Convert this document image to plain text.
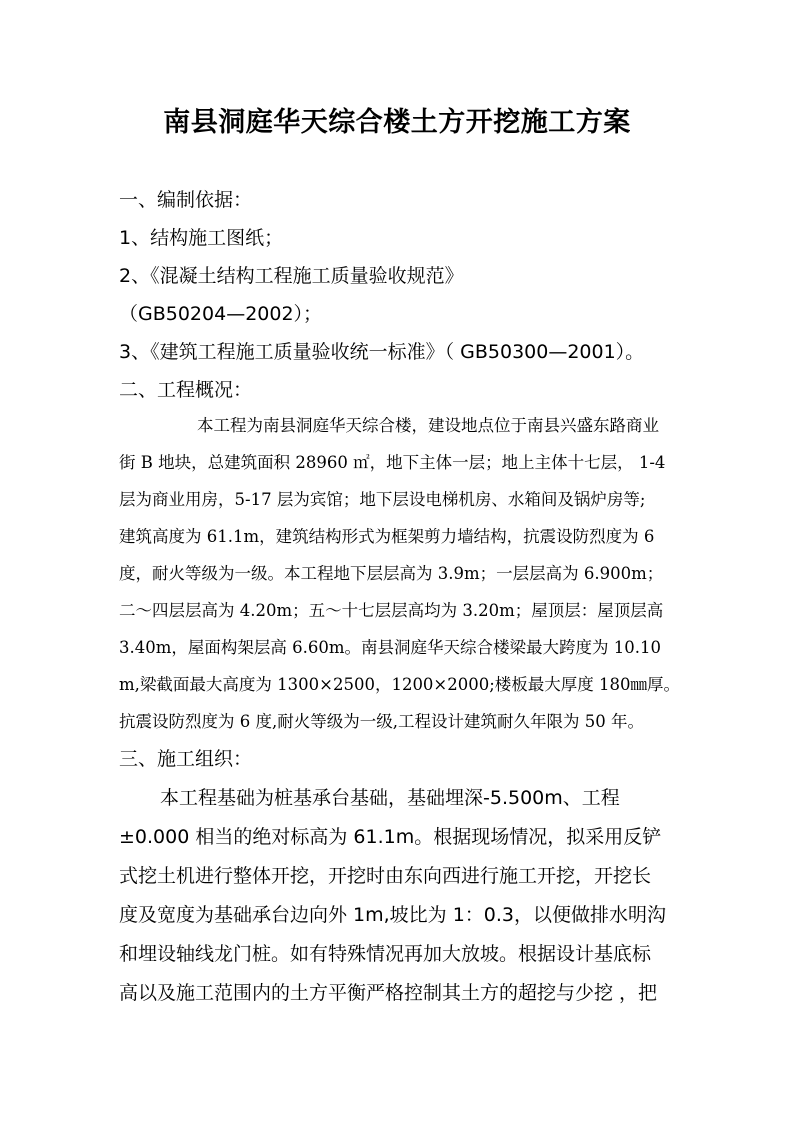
南县洞庭华天综合楼土方开挖施工方案
一、编制依据：
1、结构施工图纸；
2、《混凝土结构工程施工质量验收规范》
（GB50204—2002）；
3、《建筑工程施工质量验收统一标准》（ GB50300—2001）。
二、工程概况：
本工程为南县洞庭华天综合楼，建设地点位于南县兴盛东路商业
街 B 地块，总建筑面积 28960 ㎡，地下主体一层；地上主体十七层， 1-4
层为商业用房，5-17 层为宾馆；地下层设电梯机房、水箱间及锅炉房等;
建筑高度为 61.1m，建筑结构形式为框架剪力墙结构，抗震设防烈度为 6
度，耐火等级为一级。本工程地下层层高为 3.9m；一层层高为 6.900m；
二～四层层高为 4.20m；五～十七层层高均为 3.20m；屋顶层：屋顶层高
3.40m，屋面构架层高 6.60m。南县洞庭华天综合楼梁最大跨度为 10.10
m,梁截面最大高度为 1300×2500，1200×2000;楼板最大厚度 180㎜厚。
抗震设防烈度为 6 度,耐火等级为一级,工程设计建筑耐久年限为 50 年。
三、施工组织：
本工程基础为桩基承台基础，基础埋深-5.500m、工程
±0.000 相当的绝对标高为 61.1m。根据现场情况，拟采用反铲
式挖土机进行整体开挖，开挖时由东向西进行施工开挖，开挖长
度及宽度为基础承台边向外 1m,坡比为 1：0.3，以便做排水明沟
和埋设轴线龙门桩。如有特殊情况再加大放坡。根据设计基底标
高以及施工范围内的土方平衡严格控制其土方的超挖与少挖 ，把
